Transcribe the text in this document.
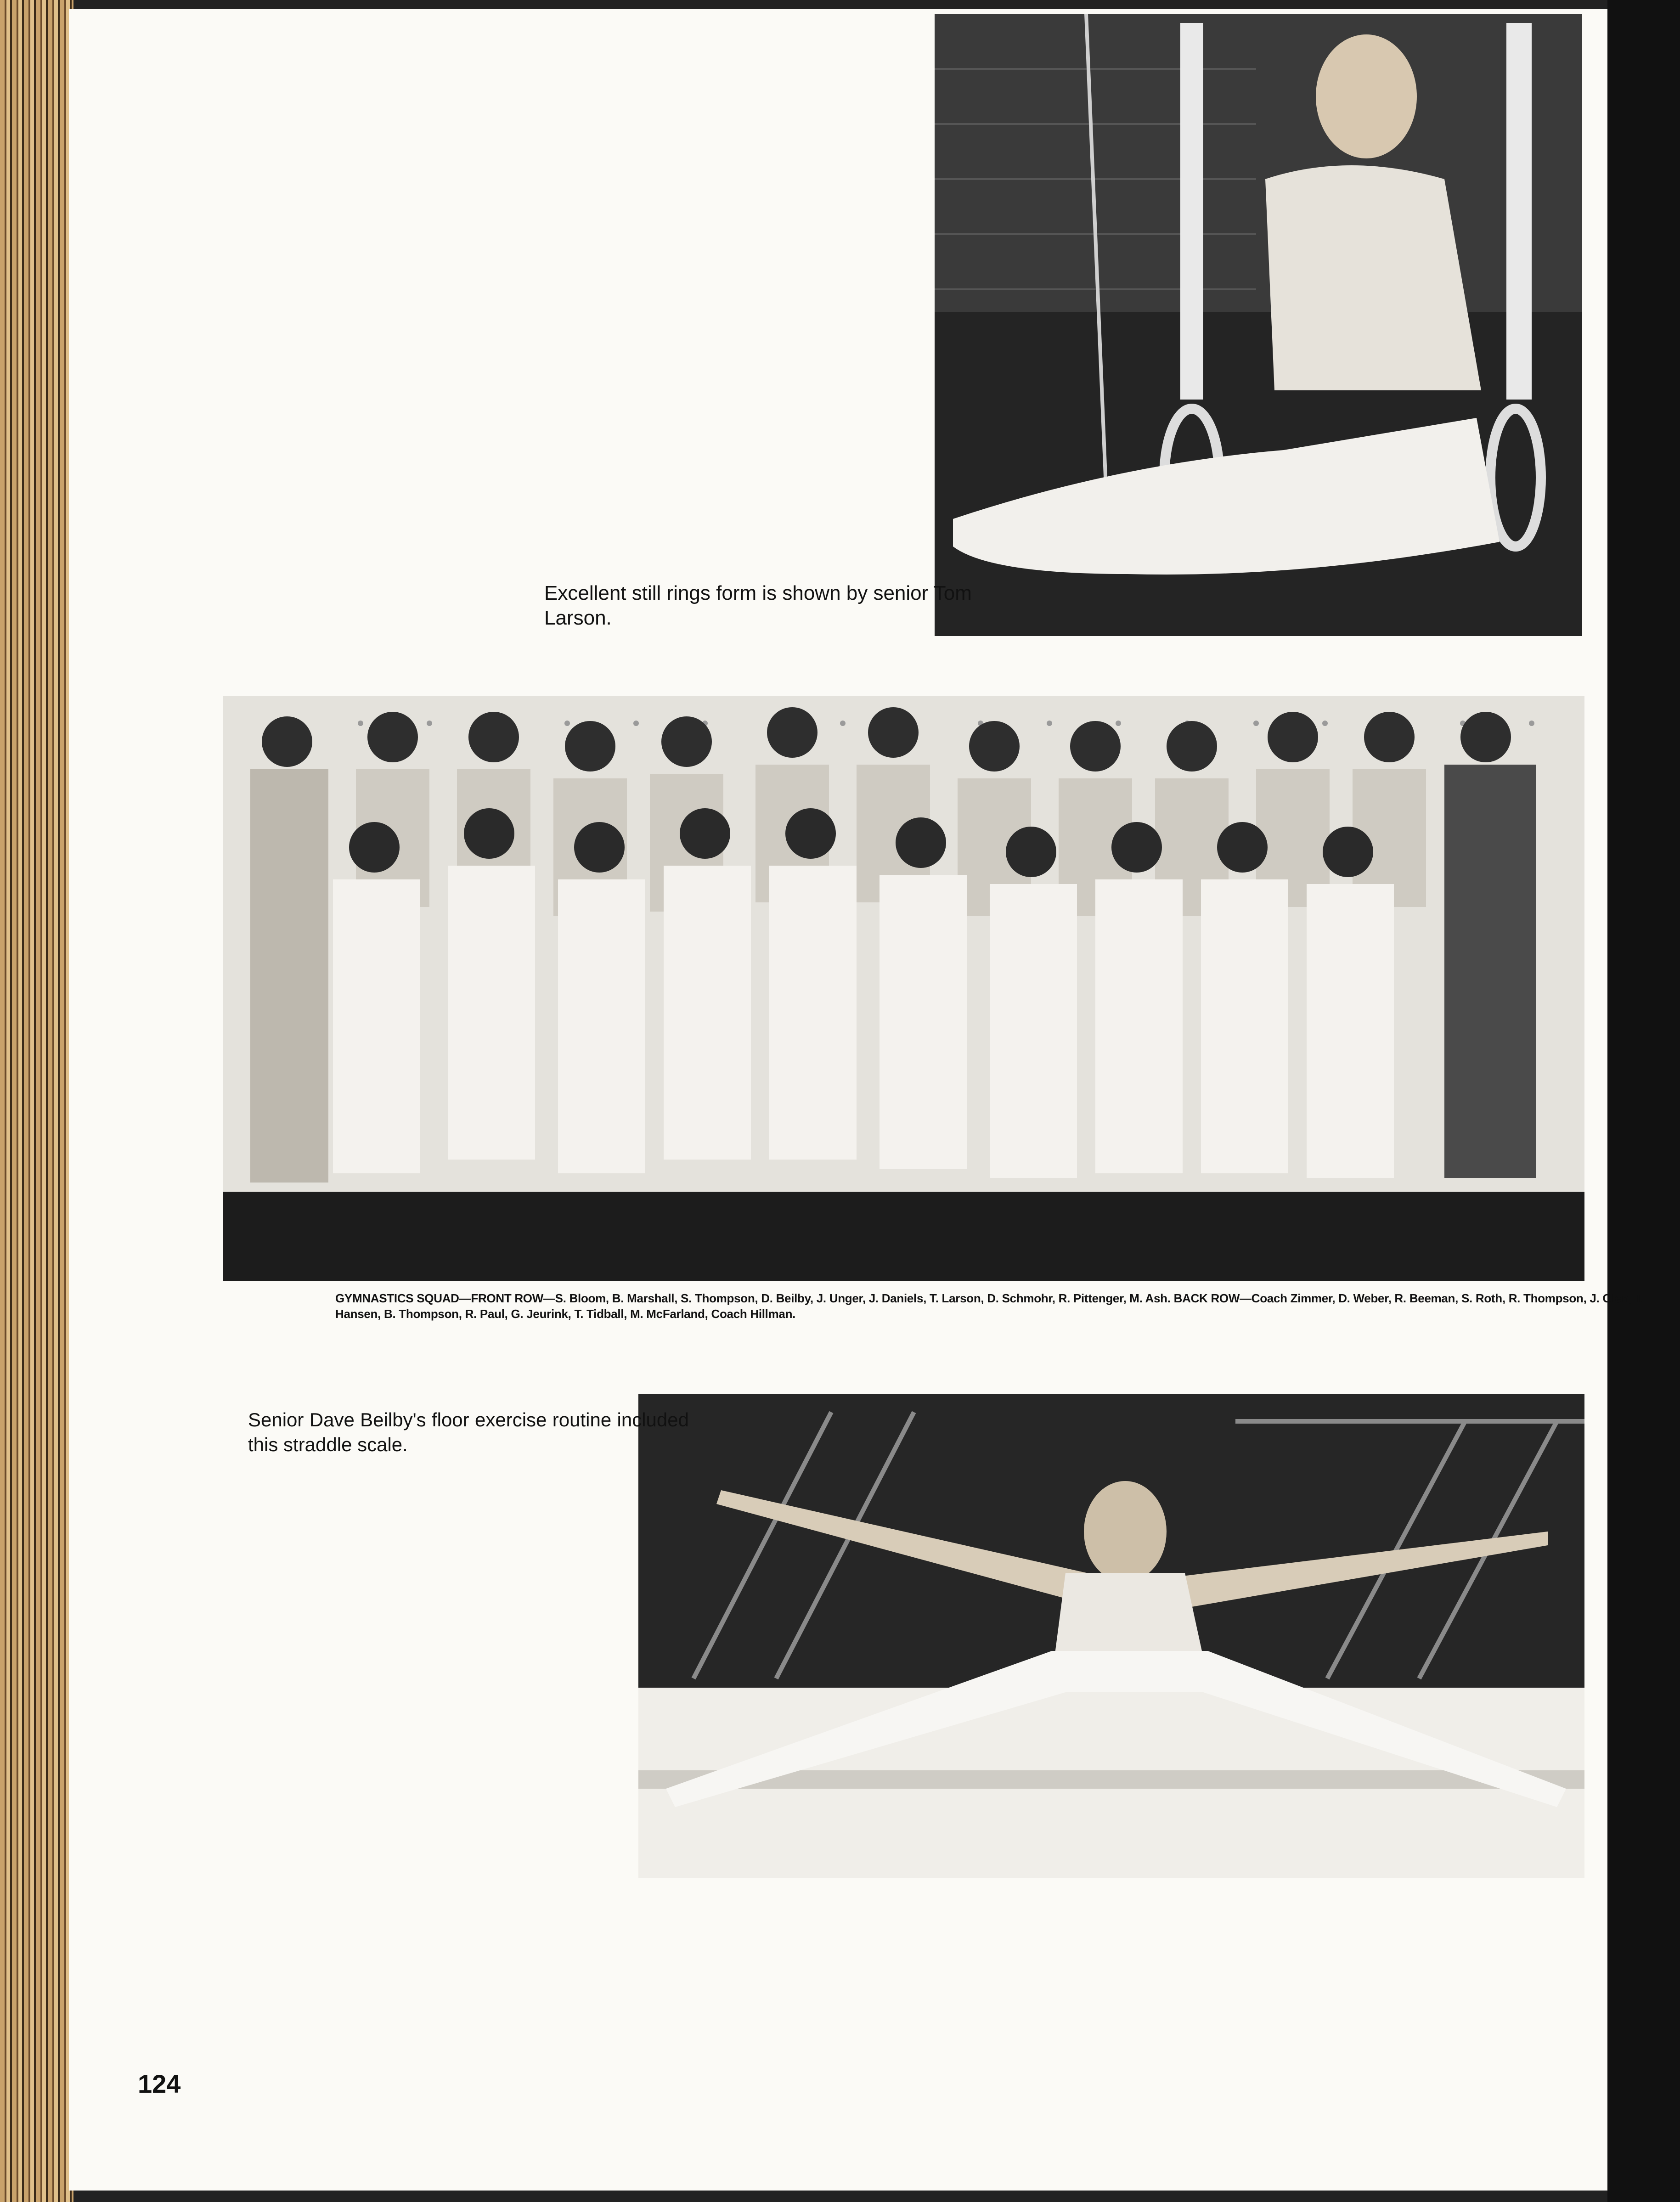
Excellent still rings form is shown by senior Tom Larson.
GYMNASTICS SQUAD—FRONT ROW—S. Bloom, B. Marshall, S. Thompson, D. Beilby, J. Unger, J. Daniels, T. Larson, D. Schmohr, R. Pittenger, M. Ash. BACK ROW—Coach Zimmer, D. Weber, R. Beeman, S. Roth, R. Thompson, J. Glen, T. Hansen, B. Thompson, R. Paul, G. Jeurink, T. Tidball, M. McFarland, Coach Hillman.
Senior Dave Beilby's floor exercise routine included this straddle scale.
124
